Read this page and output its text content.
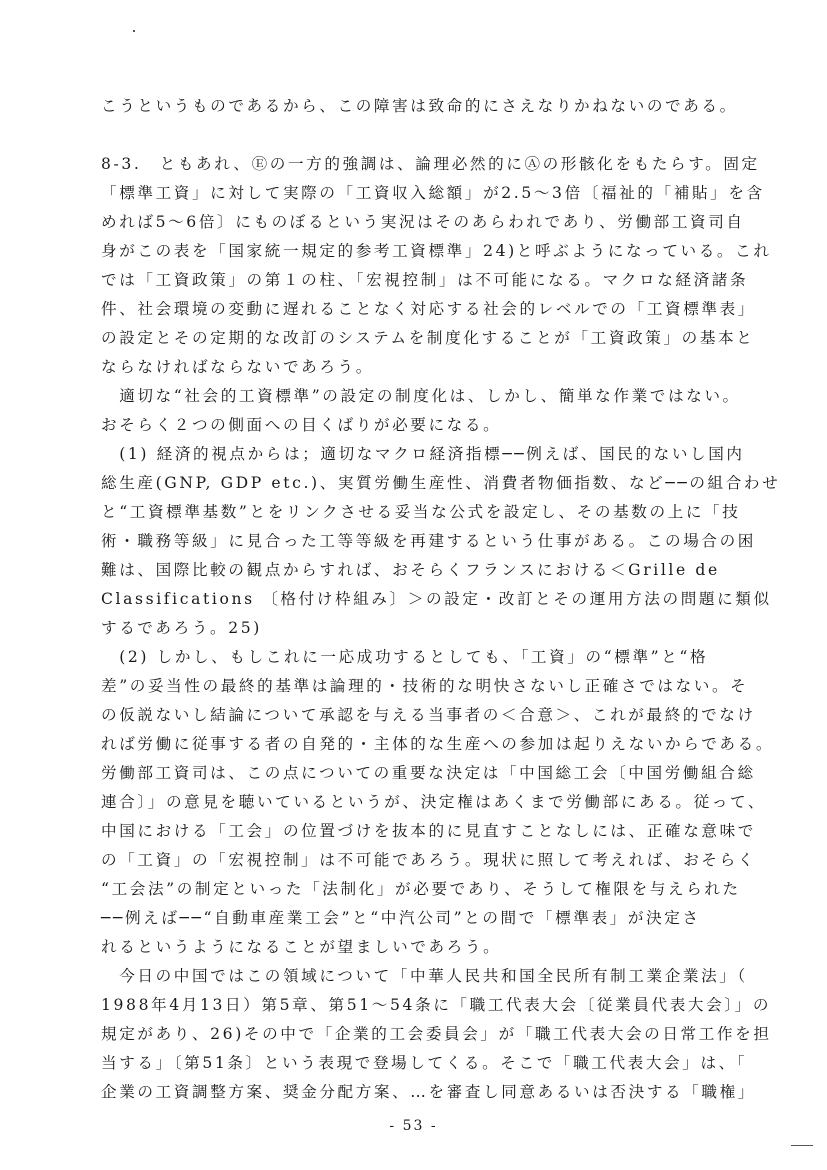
こうというものであるから、この障害は致命的にさえなりかねないのである。
8-3.　ともあれ、Ⓔの一方的強調は、論理必然的にⒶの形骸化をもたらす。固定
「標準工資」に対して実際の「工資収入総額」が2.5～3倍〔福祉的「補貼」を含
めれば5～6倍〕にものぼるという実況はそのあらわれであり、労働部工資司自
身がこの表を「国家統一規定的参考工資標準」24)と呼ぶようになっている。これ
では「工資政策」の第１の柱、「宏視控制」は不可能になる。マクロな経済諸条
件、社会環境の変動に遅れることなく対応する社会的レベルでの「工資標準表」
の設定とその定期的な改訂のシステムを制度化することが「工資政策」の基本と
ならなければならないであろう。
　適切な“社会的工資標準”の設定の制度化は、しかし、簡単な作業ではない。
おそらく２つの側面への目くばりが必要になる。
　(1) 経済的視点からは；適切なマクロ経済指標──例えば、国民的ないし国内
総生産(GNP, GDP etc.)、実質労働生産性、消費者物価指数、など──の組合わせ
と“工資標準基数”とをリンクさせる妥当な公式を設定し、その基数の上に「技
術・職務等級」に見合った工等等級を再建するという仕事がある。この場合の困
難は、国際比較の観点からすれば、おそらくフランスにおける＜Grille de
Classifications 〔格付け枠組み〕＞の設定・改訂とその運用方法の問題に類似
するであろう。25)
　(2) しかし、もしこれに一応成功するとしても、「工資」の“標準”と“格
差”の妥当性の最終的基準は論理的・技術的な明快さないし正確さではない。そ
の仮説ないし結論について承認を与える当事者の＜合意＞、これが最終的でなけ
れば労働に従事する者の自発的・主体的な生産への参加は起りえないからである。
労働部工資司は、この点についての重要な決定は「中国総工会〔中国労働組合総
連合〕」の意見を聴いているというが、決定権はあくまで労働部にある。従って、
中国における「工会」の位置づけを抜本的に見直すことなしには、正確な意味で
の「工資」の「宏視控制」は不可能であろう。現状に照して考えれば、おそらく
“工会法”の制定といった「法制化」が必要であり、そうして権限を与えられた
──例えば──“自動車産業工会”と“中汽公司”との間で「標準表」が決定さ
れるというようになることが望ましいであろう。
　今日の中国ではこの領域について「中華人民共和国全民所有制工業企業法」（
1988年4月13日）第5章、第51～54条に「職工代表大会〔従業員代表大会〕」の
規定があり、26)その中で「企業的工会委員会」が「職工代表大会の日常工作を担
当する」〔第51条〕という表現で登場してくる。そこで「職工代表大会」は、「
企業の工資調整方案、奨金分配方案、…を審査し同意あるいは否決する「職権」
- 53 -
